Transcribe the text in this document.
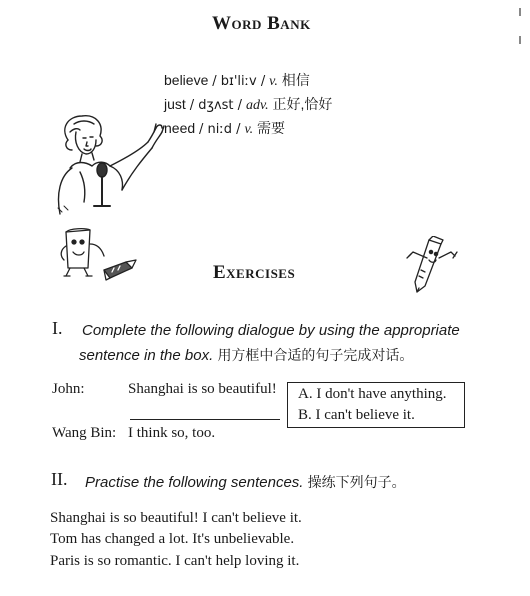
Word Bank
believe / bɪ'liːv / v. 相信
just / dʒʌst / adv. 正好,恰好
need / niːd / v. 需要
Exercises
I. Complete the following dialogue by using the appropriate
sentence in the box. 用方框中合适的句子完成对话。
John:	Shanghai is so beautiful!
Wang Bin: I think so, too.
A. I don't have anything.
B. I can't believe it.
II. Practise the following sentences. 操练下列句子。
Shanghai is so beautiful! I can't believe it.
Tom has changed a lot. It's unbelievable.
Paris is so romantic. I can't help loving it.
